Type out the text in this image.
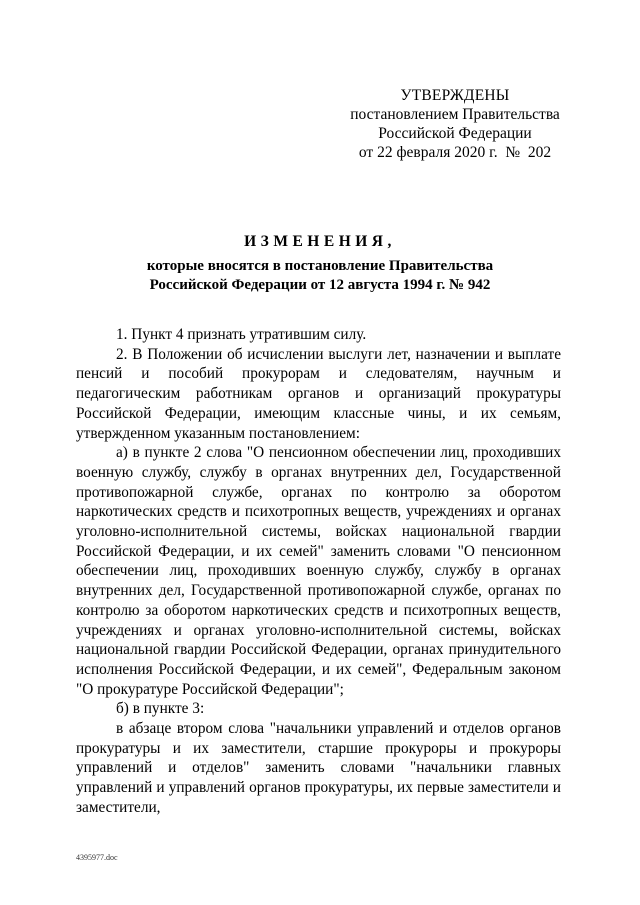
УТВЕРЖДЕНЫ
постановлением Правительства
Российской Федерации
от 22 февраля 2020 г.  №  202
ИЗМЕНЕНИЯ,
которые вносятся в постановление Правительства
Российской Федерации от 12 августа 1994 г. № 942

1. Пункт 4 признать утратившим силу.

2. В Положении об исчислении выслуги лет, назначении и выплате пенсий и пособий прокурорам и следователям, научным и педагогическим работникам органов и организаций прокуратуры Российской Федерации, имеющим классные чины, и их семьям, утвержденном указанным постановлением:

а) в пункте 2 слова "О пенсионном обеспечении лиц, проходивших военную службу, службу в органах внутренних дел, Государственной противопожарной службе, органах по контролю за оборотом наркотических средств и психотропных веществ, учреждениях и органах уголовно-исполнительной системы, войсках национальной гвардии Российской Федерации, и их семей" заменить словами "О пенсионном обеспечении лиц, проходивших военную службу, службу в органах внутренних дел, Государственной противопожарной службе, органах по контролю за оборотом наркотических средств и психотропных веществ, учреждениях и органах уголовно-исполнительной системы, войсках национальной гвардии Российской Федерации, органах принудительного исполнения Российской Федерации, и их семей", Федеральным законом "О прокуратуре Российской Федерации";

б) в пункте 3:

в абзаце втором слова "начальники управлений и отделов органов прокуратуры и их заместители, старшие прокуроры и прокуроры управлений и отделов" заменить словами "начальники главных управлений и управлений органов прокуратуры, их первые заместители и заместители,

4395977.doc
